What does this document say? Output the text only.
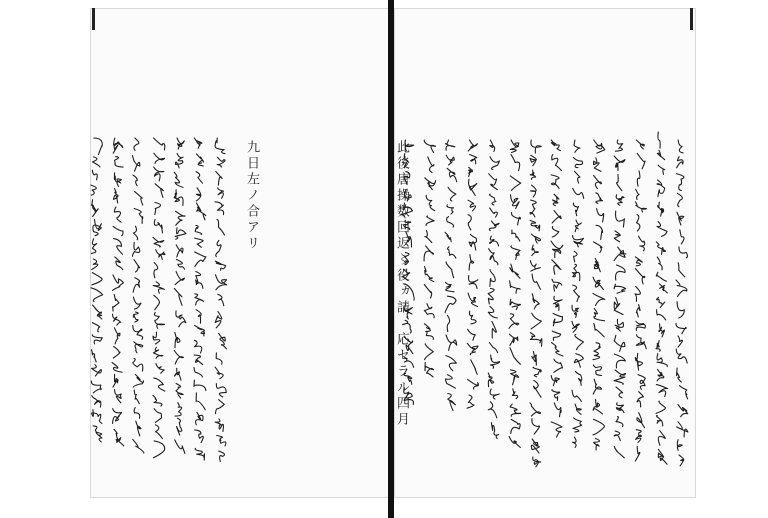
九日左ノ合アリ	此後唐操数回返〻役ヵ請、応セラル四月
